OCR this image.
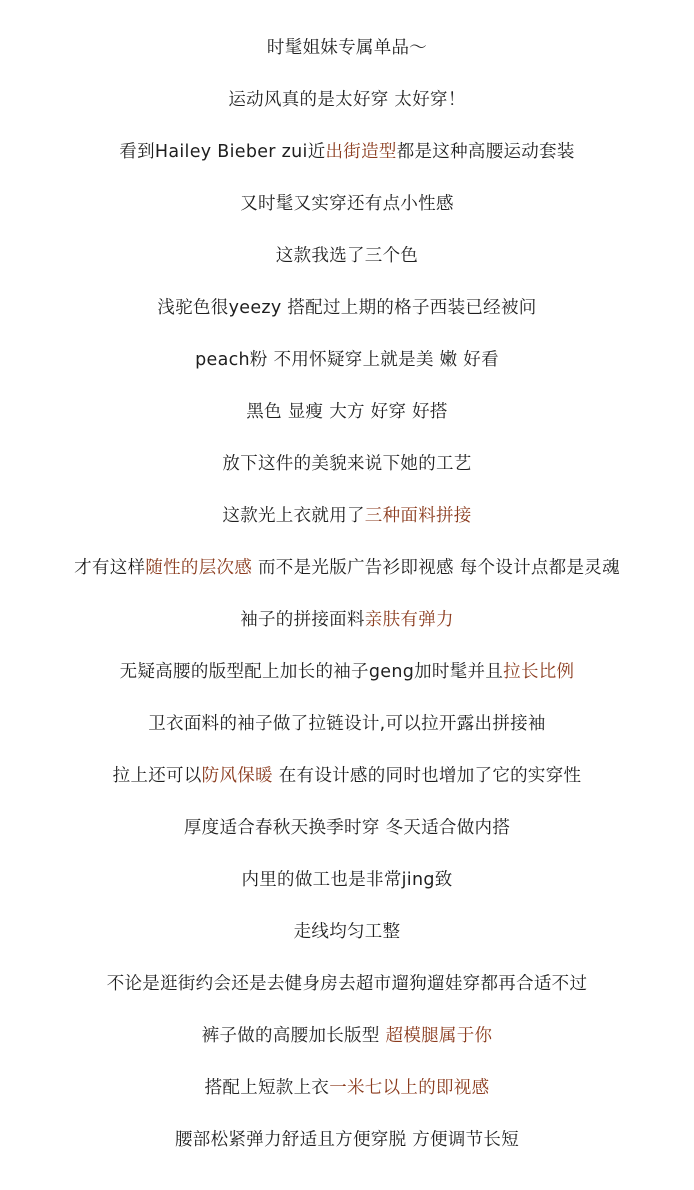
时髦姐妹专属单品～
运动风真的是太好穿 太好穿！
看到Hailey Bieber zui近出街造型都是这种高腰运动套装
又时髦又实穿还有点小性感
这款我选了三个色
浅驼色很yeezy 搭配过上期的格子西装已经被问
peach粉 不用怀疑穿上就是美 嫩 好看
黑色 显瘦 大方 好穿 好搭
放下这件的美貌来说下她的工艺
这款光上衣就用了三种面料拼接
才有这样随性的层次感 而不是光版广告衫即视感 每个设计点都是灵魂
袖子的拼接面料亲肤有弹力
无疑高腰的版型配上加长的袖子geng加时髦并且拉长比例
卫衣面料的袖子做了拉链设计,可以拉开露出拼接袖
拉上还可以防风保暖 在有设计感的同时也增加了它的实穿性
厚度适合春秋天换季时穿 冬天适合做内搭
内里的做工也是非常jing致
走线均匀工整
不论是逛街约会还是去健身房去超市遛狗遛娃穿都再合适不过
裤子做的高腰加长版型 超模腿属于你
搭配上短款上衣一米七以上的即视感
腰部松紧弹力舒适且方便穿脱 方便调节长短
